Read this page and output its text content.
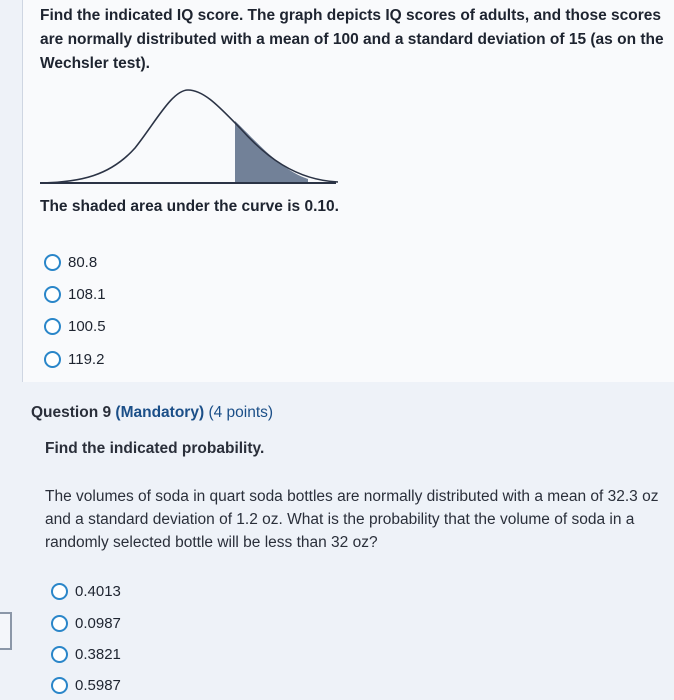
Find the indicated IQ score. The graph depicts IQ scores of adults, and those scores are normally distributed with a mean of 100 and a standard deviation of 15 (as on the Wechsler test).
The shaded area under the curve is 0.10.
80.8
108.1
100.5
119.2
Question 9 (Mandatory) (4 points)
Find the indicated probability.
The volumes of soda in quart soda bottles are normally distributed with a mean of 32.3 oz and a standard deviation of 1.2 oz. What is the probability that the volume of soda in a randomly selected bottle will be less than 32 oz?
0.4013
0.0987
0.3821
0.5987
